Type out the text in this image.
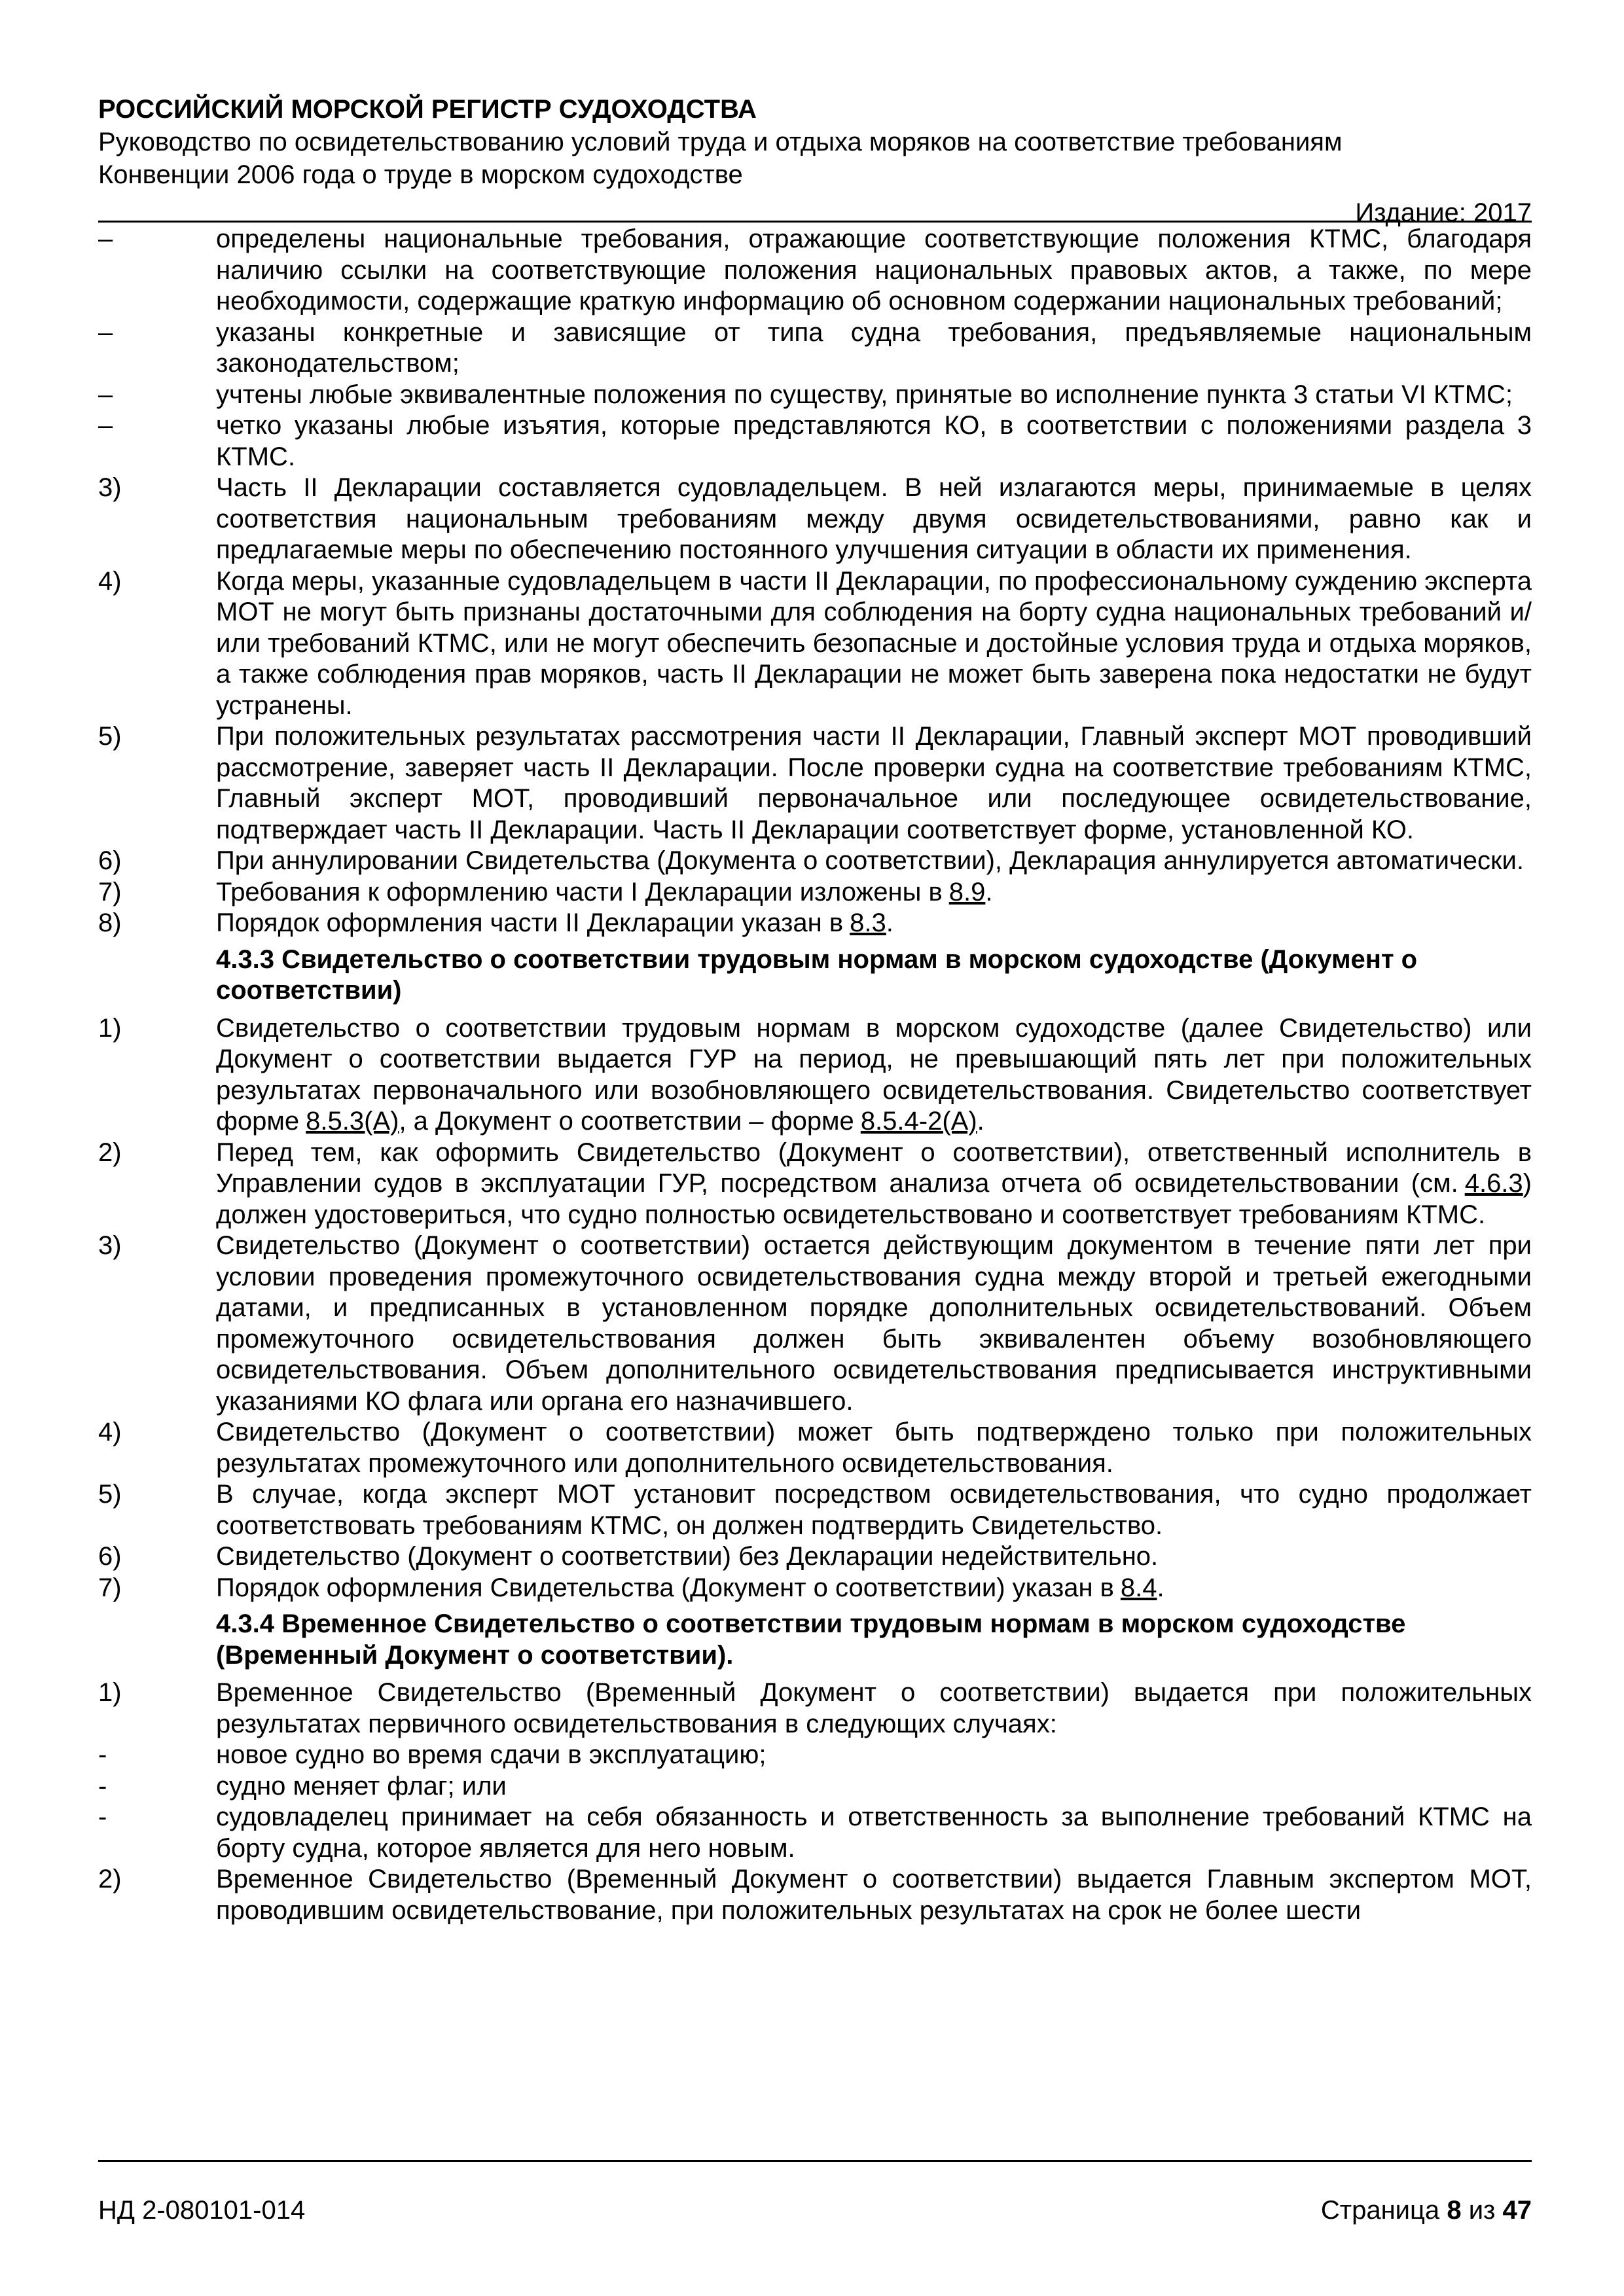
РОССИЙСКИЙ МОРСКОЙ РЕГИСТР СУДОХОДСТВА
Руководство по освидетельствованию условий труда и отдыха моряков на соответствие требованиям
Конвенции 2006 года о труде в морском судоходстве
Издание: 2017
–	определены национальные требования, отражающие соответствующие положения КТМС, благодаря наличию ссылки на соответствующие положения национальных правовых актов, а также, по мере необходимости, содержащие краткую информацию об основном содержании национальных требований;
–	указаны конкретные и зависящие от типа судна требования, предъявляемые национальным законодательством;
–	учтены любые эквивалентные положения по существу, принятые во исполнение пункта 3 статьи VI КТМС;
–	четко указаны любые изъятия, которые представляются КО, в соответствии с положениями раздела 3 КТМС.
3)	Часть II Декларации составляется судовладельцем. В ней излагаются меры, принимаемые в целях соответствия национальным требованиям между двумя освидетельствованиями, равно как и предлагаемые меры по обеспечению постоянного улучшения ситуации в области их применения.
4)	Когда меры, указанные судовладельцем в части II Декларации, по профессиональному суждению эксперта МОТ не могут быть признаны достаточными для соблюдения на борту судна национальных требований и/или требований КТМС, или не могут обеспечить безопасные и достойные условия труда и отдыха моряков, а также соблюдения прав моряков, часть II Декларации не может быть заверена пока недостатки не будут устранены.
5)	При положительных результатах рассмотрения части II Декларации, Главный эксперт МОТ проводивший рассмотрение, заверяет часть II Декларации. После проверки судна на соответствие требованиям КТМС, Главный эксперт МОТ, проводивший первоначальное или последующее освидетельствование, подтверждает часть II Декларации. Часть II Декларации соответствует форме, установленной КО.
6)	При аннулировании Свидетельства (Документа о соответствии), Декларация аннулируется автоматически.
7)	Требования к оформлению части I Декларации изложены в 8.9.
8)	Порядок оформления части II Декларации указан в 8.3.
4.3.3 Свидетельство о соответствии трудовым нормам в морском судоходстве (Документ о соответствии)
1)	Свидетельство о соответствии трудовым нормам в морском судоходстве (далее Свидетельство) или Документ о соответствии выдается ГУР на период, не превышающий пять лет при положительных результатах первоначального или возобновляющего освидетельствования. Свидетельство соответствует форме 8.5.3(А), а Документ о соответствии – форме 8.5.4-2(А).
2)	Перед тем, как оформить Свидетельство (Документ о соответствии), ответственный исполнитель в Управлении судов в эксплуатации ГУР, посредством анализа отчета об освидетельствовании (см. 4.6.3) должен удостовериться, что судно полностью освидетельствовано и соответствует требованиям КТМС.
3)	Свидетельство (Документ о соответствии) остается действующим документом в течение пяти лет при условии проведения промежуточного освидетельствования судна между второй и третьей ежегодными датами, и предписанных в установленном порядке дополнительных освидетельствований. Объем промежуточного освидетельствования должен быть эквивалентен объему возобновляющего освидетельствования. Объем дополнительного освидетельствования предписывается инструктивными указаниями КО флага или органа его назначившего.
4)	Свидетельство (Документ о соответствии) может быть подтверждено только при положительных результатах промежуточного или дополнительного освидетельствования.
5)	В случае, когда эксперт МОТ установит посредством освидетельствования, что судно продолжает соответствовать требованиям КТМС, он должен подтвердить Свидетельство.
6)	Свидетельство (Документ о соответствии) без Декларации недействительно.
7)	Порядок оформления Свидетельства (Документ о соответствии) указан в 8.4.
4.3.4 Временное Свидетельство о соответствии трудовым нормам в морском судоходстве (Временный Документ о соответствии).
1)	Временное Свидетельство (Временный Документ о соответствии) выдается при положительных результатах первичного освидетельствования в следующих случаях:
-	новое судно во время сдачи в эксплуатацию;
-	судно меняет флаг; или
-	судовладелец принимает на себя обязанность и ответственность за выполнение требований КТМС на борту судна, которое является для него новым.
2)	Временное Свидетельство (Временный Документ о соответствии) выдается Главным экспертом МОТ, проводившим освидетельствование, при положительных результатах на срок не более шести
НД 2-080101-014	Страница 8 из 47
